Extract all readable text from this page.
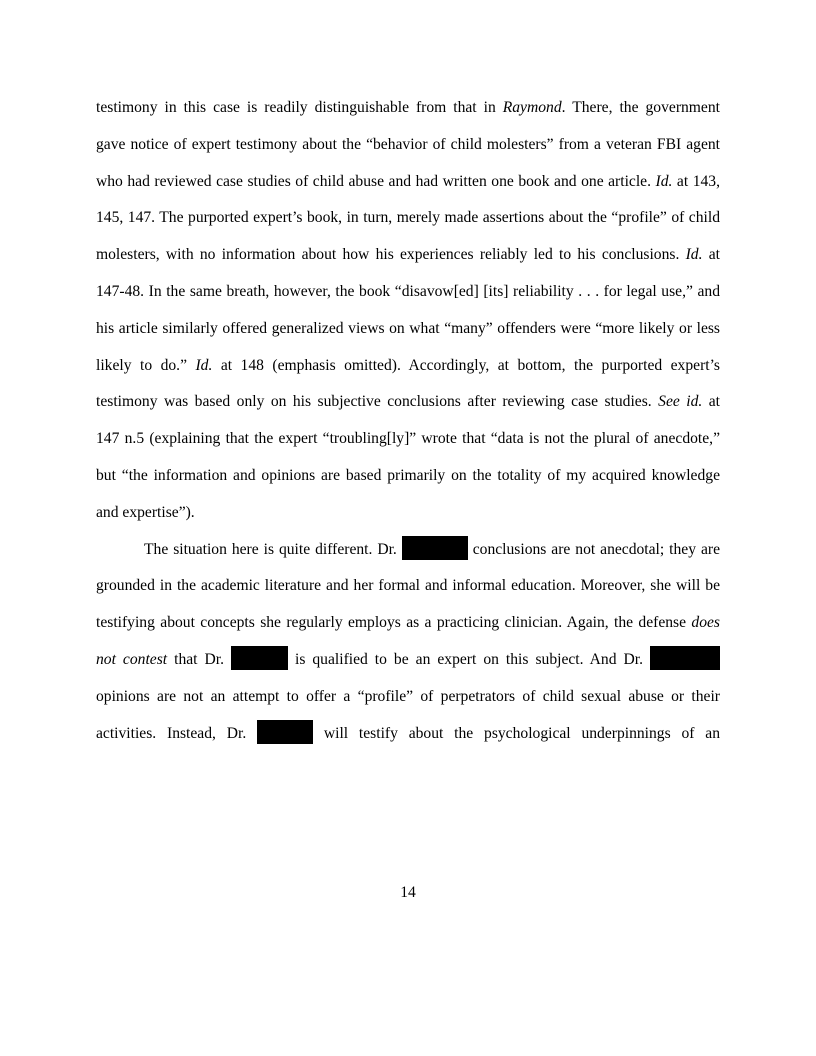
testimony in this case is readily distinguishable from that in Raymond. There, the government
gave notice of expert testimony about the “behavior of child molesters” from a veteran FBI agent
who had reviewed case studies of child abuse and had written one book and one article. Id. at 143,
145, 147. The purported expert’s book, in turn, merely made assertions about the “profile” of child
molesters, with no information about how his experiences reliably led to his conclusions. Id. at
147-48. In the same breath, however, the book “disavow[ed] [its] reliability . . . for legal use,” and
his article similarly offered generalized views on what “many” offenders were “more likely or less
likely to do.” Id. at 148 (emphasis omitted). Accordingly, at bottom, the purported expert’s
testimony was based only on his subjective conclusions after reviewing case studies. See id. at
147 n.5 (explaining that the expert “troubling[ly]” wrote that “data is not the plural of anecdote,”
but “the information and opinions are based primarily on the totality of my acquired knowledge
and expertise”).
The situation here is quite different. Dr.	conclusions are not anecdotal; they are
grounded in the academic literature and her formal and informal education. Moreover, she will be
testifying about concepts she regularly employs as a practicing clinician. Again, the defense does
not contest that Dr.	is qualified to be an expert on this subject. And Dr.
opinions are not an attempt to offer a “profile” of perpetrators of child sexual abuse or their
activities. Instead, Dr.	will testify about the psychological underpinnings of an
14
